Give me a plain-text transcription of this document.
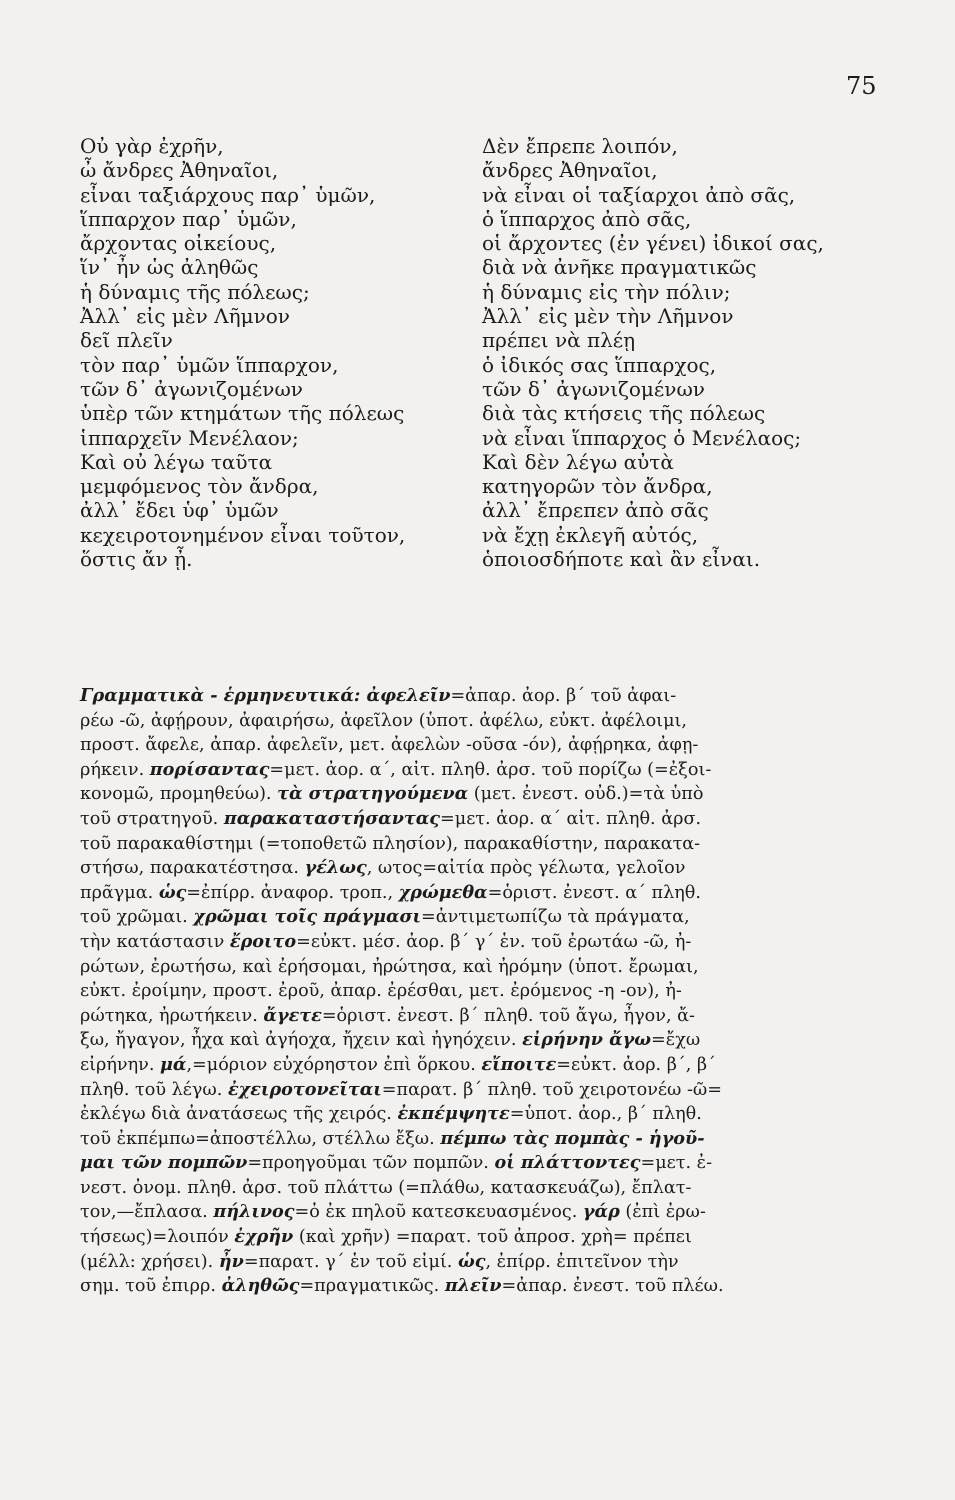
75
Οὐ γὰρ ἐχρῆν,
ὦ ἄνδρες Ἀθηναῖοι,
εἶναι ταξιάρχους παρ᾽ ὑμῶν,
ἵππαρχον παρ᾽ ὑμῶν,
ἄρχοντας οἰκείους,
ἵν᾽ ἦν ὡς ἀληθῶς
ἡ δύναμις τῆς πόλεως;
Ἀλλ᾽ εἰς μὲν Λῆμνον
δεῖ πλεῖν
τὸν παρ᾽ ὑμῶν ἵππαρχον,
τῶν δ᾽ ἀγωνιζομένων
ὑπὲρ τῶν κτημάτων τῆς πόλεως
ἱππαρχεῖν Μενέλαον;
Καὶ οὐ λέγω ταῦτα
μεμφόμενος τὸν ἄνδρα,
ἀλλ᾽ ἔδει ὑφ᾽ ὑμῶν
κεχειροτονημένον εἶναι τοῦτον,
ὅστις ἄν ᾖ.
Δὲν ἔπρεπε λοιπόν,
ἄνδρες Ἀθηναῖοι,
νὰ εἶναι οἱ ταξίαρχοι ἀπὸ σᾶς,
ὁ ἵππαρχος ἀπὸ σᾶς,
οἱ ἄρχοντες (ἐν γένει) ἰδικοί σας,
διὰ νὰ ἀνῆκε πραγματικῶς
ἡ δύναμις εἰς τὴν πόλιν;
Ἀλλ᾽ εἰς μὲν τὴν Λῆμνον
πρέπει νὰ πλέῃ
ὁ ἰδικός σας ἵππαρχος,
τῶν δ᾽ ἀγωνιζομένων
διὰ τὰς κτήσεις τῆς πόλεως
νὰ εἶναι ἵππαρχος ὁ Μενέλαος;
Καὶ δὲν λέγω αὐτὰ
κατηγορῶν τὸν ἄνδρα,
ἀλλ᾽ ἔπρεπεν ἀπὸ σᾶς
νὰ ἔχῃ ἐκλεγῆ αὐτός,
ὁποιοσδήποτε καὶ ἂν εἶναι.
Γραμματικὰ - ἑρμηνευτικά: ἀφελεῖν=ἀπαρ. ἀορ. β΄ τοῦ ἀφαι-
ρέω -ῶ, ἀφῄρουν, ἀφαιρήσω, ἀφεῖλον (ὑποτ. ἀφέλω, εὐκτ. ἀφέλοιμι,
προστ. ἄφελε, ἀπαρ. ἀφελεῖν, μετ. ἀφελὼν -οῦσα -όν), ἀφῄρηκα, ἀφῃ-
ρήκειν. πορίσαντας=μετ. ἀορ. α΄, αἰτ. πληθ. ἀρσ. τοῦ πορίζω (=ἐξοι-
κονομῶ, προμηθεύω). τὰ στρατηγούμενα (μετ. ἐνεστ. οὐδ.)=τὰ ὑπὸ
τοῦ στρατηγοῦ. παρακαταστήσαντας=μετ. ἀορ. α΄ αἰτ. πληθ. ἀρσ.
τοῦ παρακαθίστημι (=τοποθετῶ πλησίον), παρακαθίστην, παρακατα-
στήσω, παρακατέστησα. γέλως, ωτος=αἰτία πρὸς γέλωτα, γελοῖον
πρᾶγμα. ὡς=ἐπίρρ. ἀναφορ. τροπ., χρώμεθα=ὁριστ. ἐνεστ. α΄ πληθ.
τοῦ χρῶμαι. χρῶμαι τοῖς πράγμασι=ἀντιμετωπίζω τὰ πράγματα,
τὴν κατάστασιν ἔροιτο=εὐκτ. μέσ. ἀορ. β΄ γ΄ ἑν. τοῦ ἐρωτάω -ῶ, ἠ-
ρώτων, ἐρωτήσω, καὶ ἐρήσομαι, ἠρώτησα, καὶ ἠρόμην (ὑποτ. ἔρωμαι,
εὐκτ. ἐροίμην, προστ. ἐροῦ, ἀπαρ. ἐρέσθαι, μετ. ἐρόμενος -η -ον), ἠ-
ρώτηκα, ἠρωτήκειν. ἄγετε=ὁριστ. ἐνεστ. β΄ πληθ. τοῦ ἄγω, ἦγον, ἄ-
ξω, ἤγαγον, ἦχα καὶ ἀγήοχα, ἤχειν καὶ ἠγηόχειν. εἰρήνην ἄγω=ἔχω
εἰρήνην. μά,=μόριον εὐχόρηστον ἐπὶ ὅρκου. εἴποιτε=εὐκτ. ἀορ. β΄, β΄
πληθ. τοῦ λέγω. ἐχειροτονεῖται=παρατ. β΄ πληθ. τοῦ χειροτονέω -ῶ=
ἐκλέγω διὰ ἀνατάσεως τῆς χειρός. ἐκπέμψητε=ὑποτ. ἀορ., β΄ πληθ.
τοῦ ἐκπέμπω=ἀποστέλλω, στέλλω ἔξω. πέμπω τὰς πομπὰς - ἡγοῦ-
μαι τῶν πομπῶν=προηγοῦμαι τῶν πομπῶν. οἱ πλάττοντες=μετ. ἐ-
νεστ. ὀνομ. πληθ. ἀρσ. τοῦ πλάττω (=πλάθω, κατασκευάζω), ἔπλατ-
τον,—ἔπλασα. πήλινος=ὁ ἐκ πηλοῦ κατεσκευασμένος. γάρ (ἐπὶ ἐρω-
τήσεως)=λοιπόν ἐχρῆν (καὶ χρῆν) =παρατ. τοῦ ἀπροσ. χρὴ= πρέπει
(μέλλ: χρήσει). ἦν=παρατ. γ΄ ἑν τοῦ εἰμί. ὡς, ἐπίρρ. ἐπιτεῖνον τὴν
σημ. τοῦ ἐπιρρ. ἀληθῶς=πραγματικῶς. πλεῖν=ἀπαρ. ἐνεστ. τοῦ πλέω.
